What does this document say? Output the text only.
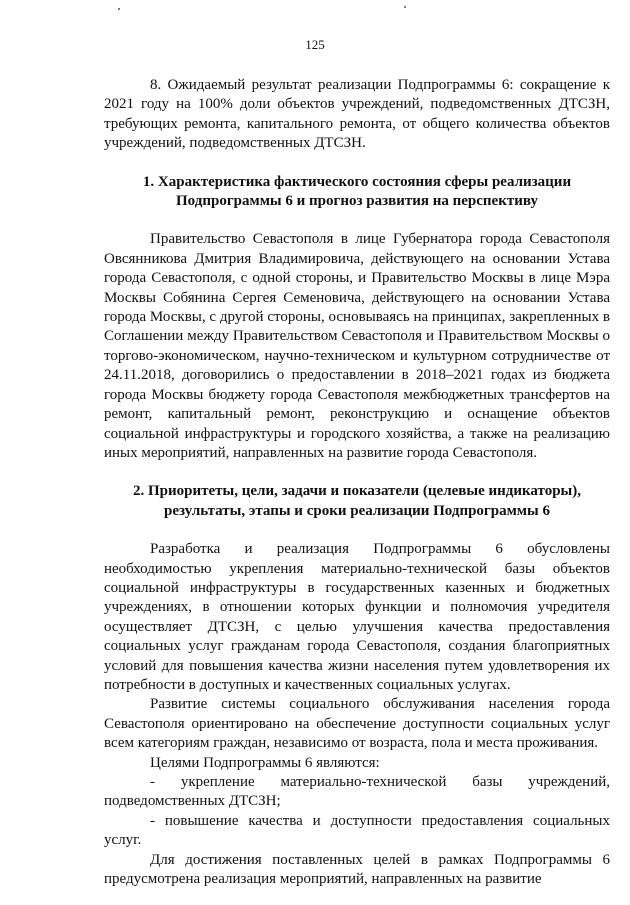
125

8. Ожидаемый результат реализации Подпрограммы 6: сокращение к 2021 году на 100% доли объектов учреждений, подведомственных ДТСЗН, требующих ремонта, капитального ремонта, от общего количества объектов учреждений, подведомственных ДТСЗН.

1. Характеристика фактического состояния сферы реализации
Подпрограммы 6 и прогноз развития на перспективу

Правительство Севастополя в лице Губернатора города Севастополя Овсянникова Дмитрия Владимировича, действующего на основании Устава города Севастополя, с одной стороны, и Правительство Москвы в лице Мэра Москвы Собянина Сергея Семеновича, действующего на основании Устава города Москвы, с другой стороны, основываясь на принципах, закрепленных в Соглашении между Правительством Севастополя и Правительством Москвы о торгово-экономическом, научно-техническом и культурном сотрудничестве от 24.11.2018, договорились о предоставлении в 2018–2021 годах из бюджета города Москвы бюджету города Севастополя межбюджетных трансфертов на ремонт, капитальный ремонт, реконструкцию и оснащение объектов социальной инфраструктуры и городского хозяйства, а также на реализацию иных мероприятий, направленных на развитие города Севастополя.

2. Приоритеты, цели, задачи и показатели (целевые индикаторы),
результаты, этапы и сроки реализации Подпрограммы 6

Разработка и реализация Подпрограммы 6 обусловлены необходимостью укрепления материально-технической базы объектов социальной инфраструктуры в государственных казенных и бюджетных учреждениях, в отношении которых функции и полномочия учредителя осуществляет ДТСЗН, с целью улучшения качества предоставления социальных услуг гражданам города Севастополя, создания благоприятных условий для повышения качества жизни населения путем удовлетворения их потребности в доступных и качественных социальных услугах.

Развитие системы социального обслуживания населения города Севастополя ориентировано на обеспечение доступности социальных услуг всем категориям граждан, независимо от возраста, пола и места проживания.

Целями Подпрограммы 6 являются:

- укрепление материально-технической базы учреждений, подведомственных ДТСЗН;

- повышение качества и доступности предоставления социальных услуг.

Для достижения поставленных целей в рамках Подпрограммы 6 предусмотрена реализация мероприятий, направленных на развитие
